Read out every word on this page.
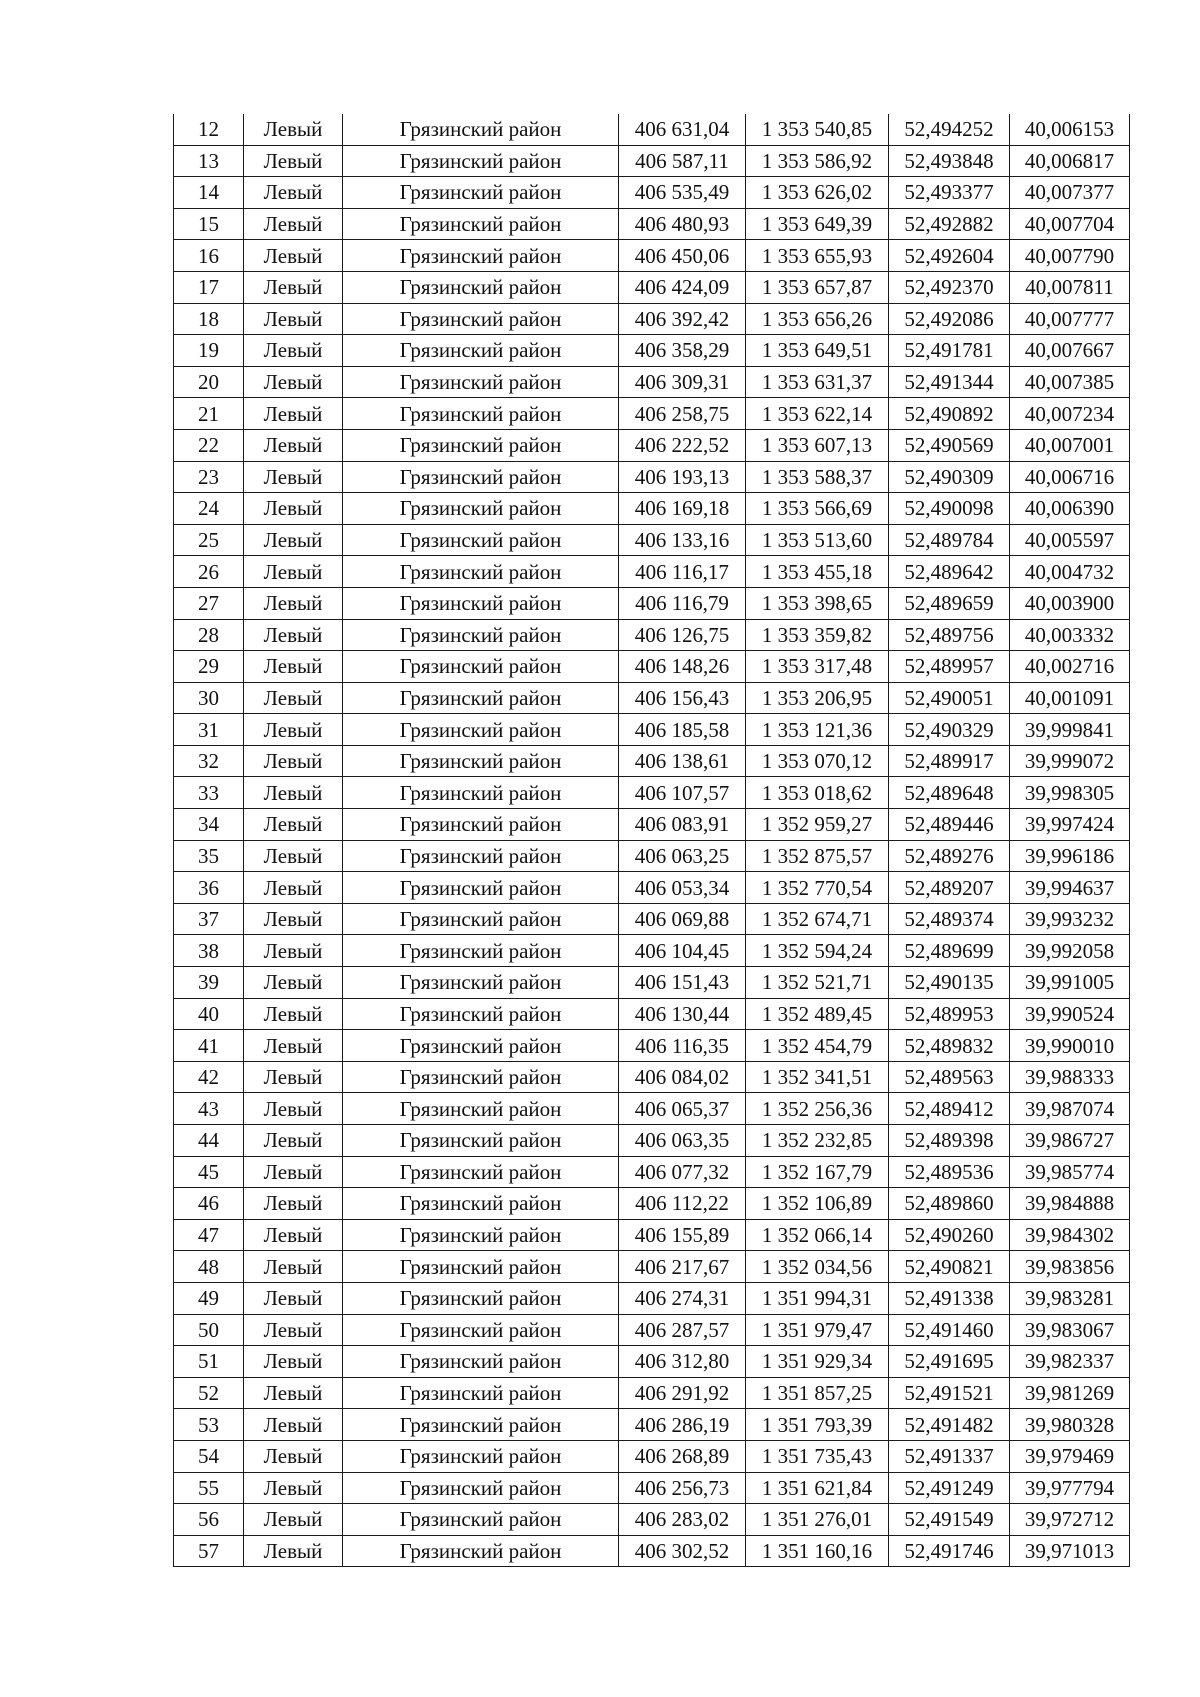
12	Левый	Грязинский район	406 631,04	1 353 540,85	52,494252	40,006153
13	Левый	Грязинский район	406 587,11	1 353 586,92	52,493848	40,006817
14	Левый	Грязинский район	406 535,49	1 353 626,02	52,493377	40,007377
15	Левый	Грязинский район	406 480,93	1 353 649,39	52,492882	40,007704
16	Левый	Грязинский район	406 450,06	1 353 655,93	52,492604	40,007790
17	Левый	Грязинский район	406 424,09	1 353 657,87	52,492370	40,007811
18	Левый	Грязинский район	406 392,42	1 353 656,26	52,492086	40,007777
19	Левый	Грязинский район	406 358,29	1 353 649,51	52,491781	40,007667
20	Левый	Грязинский район	406 309,31	1 353 631,37	52,491344	40,007385
21	Левый	Грязинский район	406 258,75	1 353 622,14	52,490892	40,007234
22	Левый	Грязинский район	406 222,52	1 353 607,13	52,490569	40,007001
23	Левый	Грязинский район	406 193,13	1 353 588,37	52,490309	40,006716
24	Левый	Грязинский район	406 169,18	1 353 566,69	52,490098	40,006390
25	Левый	Грязинский район	406 133,16	1 353 513,60	52,489784	40,005597
26	Левый	Грязинский район	406 116,17	1 353 455,18	52,489642	40,004732
27	Левый	Грязинский район	406 116,79	1 353 398,65	52,489659	40,003900
28	Левый	Грязинский район	406 126,75	1 353 359,82	52,489756	40,003332
29	Левый	Грязинский район	406 148,26	1 353 317,48	52,489957	40,002716
30	Левый	Грязинский район	406 156,43	1 353 206,95	52,490051	40,001091
31	Левый	Грязинский район	406 185,58	1 353 121,36	52,490329	39,999841
32	Левый	Грязинский район	406 138,61	1 353 070,12	52,489917	39,999072
33	Левый	Грязинский район	406 107,57	1 353 018,62	52,489648	39,998305
34	Левый	Грязинский район	406 083,91	1 352 959,27	52,489446	39,997424
35	Левый	Грязинский район	406 063,25	1 352 875,57	52,489276	39,996186
36	Левый	Грязинский район	406 053,34	1 352 770,54	52,489207	39,994637
37	Левый	Грязинский район	406 069,88	1 352 674,71	52,489374	39,993232
38	Левый	Грязинский район	406 104,45	1 352 594,24	52,489699	39,992058
39	Левый	Грязинский район	406 151,43	1 352 521,71	52,490135	39,991005
40	Левый	Грязинский район	406 130,44	1 352 489,45	52,489953	39,990524
41	Левый	Грязинский район	406 116,35	1 352 454,79	52,489832	39,990010
42	Левый	Грязинский район	406 084,02	1 352 341,51	52,489563	39,988333
43	Левый	Грязинский район	406 065,37	1 352 256,36	52,489412	39,987074
44	Левый	Грязинский район	406 063,35	1 352 232,85	52,489398	39,986727
45	Левый	Грязинский район	406 077,32	1 352 167,79	52,489536	39,985774
46	Левый	Грязинский район	406 112,22	1 352 106,89	52,489860	39,984888
47	Левый	Грязинский район	406 155,89	1 352 066,14	52,490260	39,984302
48	Левый	Грязинский район	406 217,67	1 352 034,56	52,490821	39,983856
49	Левый	Грязинский район	406 274,31	1 351 994,31	52,491338	39,983281
50	Левый	Грязинский район	406 287,57	1 351 979,47	52,491460	39,983067
51	Левый	Грязинский район	406 312,80	1 351 929,34	52,491695	39,982337
52	Левый	Грязинский район	406 291,92	1 351 857,25	52,491521	39,981269
53	Левый	Грязинский район	406 286,19	1 351 793,39	52,491482	39,980328
54	Левый	Грязинский район	406 268,89	1 351 735,43	52,491337	39,979469
55	Левый	Грязинский район	406 256,73	1 351 621,84	52,491249	39,977794
56	Левый	Грязинский район	406 283,02	1 351 276,01	52,491549	39,972712
57	Левый	Грязинский район	406 302,52	1 351 160,16	52,491746	39,971013
